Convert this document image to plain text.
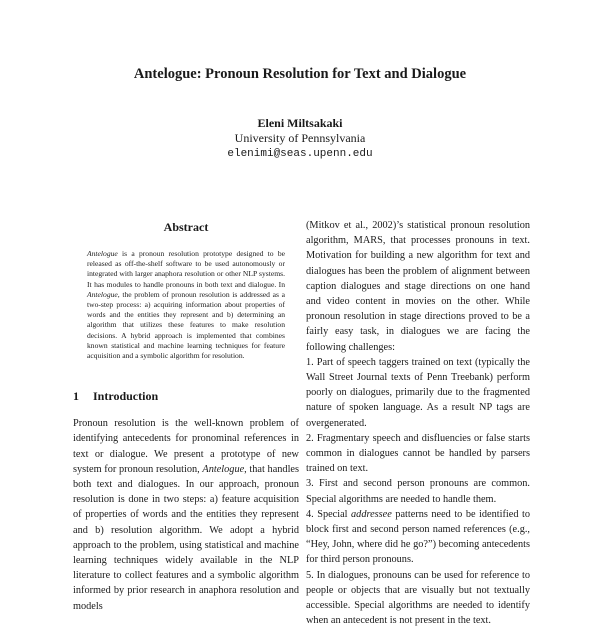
Antelogue: Pronoun Resolution for Text and Dialogue
Eleni Miltsakaki
University of Pennsylvania
elenimi@seas.upenn.edu
Abstract

Antelogue is a pronoun resolution prototype designed to be released as off-the-shelf software to be used autonomously or integrated with larger anaphora resolution or other NLP systems. It has modules to handle pronouns in both text and dialogue. In Antelogue, the problem of pronoun resolution is addressed as a two-step process: a) acquiring information about properties of words and the entities they represent and b) determining an algorithm that utilizes these features to make resolution decisions. A hybrid approach is implemented that combines known statistical and machine learning techniques for feature acquisition and a symbolic algorithm for resolution.

1 Introduction

Pronoun resolution is the well-known problem of identifying antecedents for pronominal references in text or dialogue. We present a prototype of new system for pronoun resolution, Antelogue, that handles both text and dialogues. In our approach, pronoun resolution is done in two steps: a) feature acquisition of properties of words and the entities they represent and b) resolution algorithm. We adopt a hybrid approach to the problem, using statistical and machine learning techniques widely available in the NLP literature to collect features and a symbolic algorithm informed by prior research in anaphora resolution and models

(Mitkov et al., 2002)’s statistical pronoun resolution algorithm, MARS, that processes pronouns in text. Motivation for building a new algorithm for text and dialogues has been the problem of alignment between caption dialogues and stage directions on one hand and video content in movies on the other. While pronoun resolution in stage directions proved to be a fairly easy task, in dialogues we are facing the following challenges:

1. Part of speech taggers trained on text (typically the Wall Street Journal texts of Penn Treebank) perform poorly on dialogues, primarily due to the fragmented nature of spoken language. As a result NP tags are overgenerated.

2. Fragmentary speech and disfluencies or false starts common in dialogues cannot be handled by parsers trained on text.

3. First and second person pronouns are common. Special algorithms are needed to handle them.

4. Special addressee patterns need to be identified to block first and second person named references (e.g., “Hey, John, where did he go?”) becoming antecedents for third person pronouns.

5. In dialogues, pronouns can be used for reference to people or objects that are visually but not textually accessible. Special algorithms are needed to identify when an antecedent is not present in the text.
